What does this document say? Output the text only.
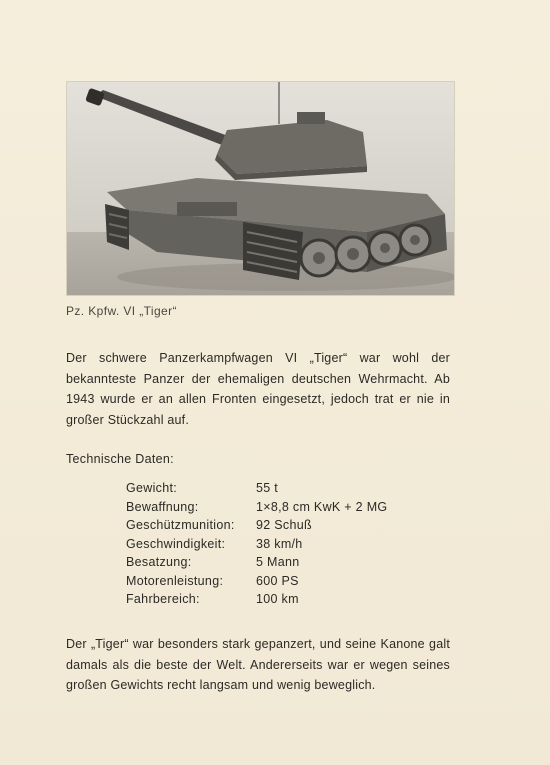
Pz. Kpfw. VI „Tiger“

Der schwere Panzerkampfwagen VI „Tiger“ war wohl der bekannteste Panzer der ehemaligen deutschen Wehrmacht. Ab 1943 wurde er an allen Fronten eingesetzt, jedoch trat er nie in großer Stückzahl auf.

Technische Daten:
Gewicht:	55 t
Bewaffnung:	1×8,8 cm KwK + 2 MG
Geschützmunition:	92 Schuß
Geschwindigkeit:	38 km/h
Besatzung:	5 Mann
Motorenleistung:	600 PS
Fahrbereich:	100 km

Der „Tiger“ war besonders stark gepanzert, und seine Kanone galt damals als die beste der Welt. Andererseits war er wegen seines großen Gewichts recht langsam und wenig beweglich.
